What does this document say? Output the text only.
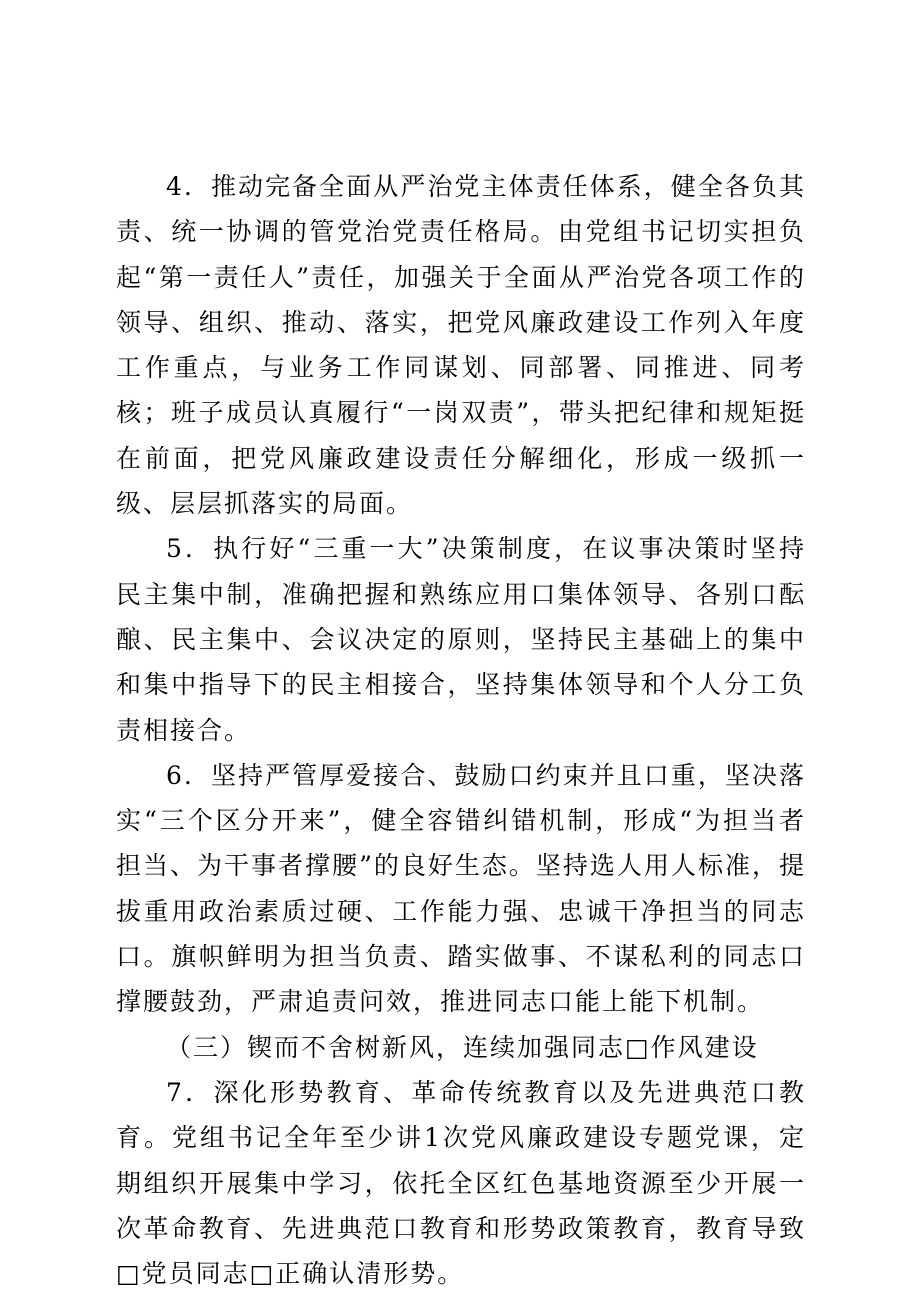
4．推动完备全面从严治党主体责任体系，健全各负其责、统一协调的管党治党责任格局。由党组书记切实担负起“第一责任人”责任，加强关于全面从严治党各项工作的领导、组织、推动、落实，把党风廉政建设工作列入年度工作重点，与业务工作同谋划、同部署、同推进、同考核；班子成员认真履行“一岗双责”，带头把纪律和规矩挺在前面，把党风廉政建设责任分解细化，形成一级抓一级、层层抓落实的局面。

5．执行好“三重一大”决策制度，在议事决策时坚持民主集中制，准确把握和熟练应用口集体领导、各别口酝酿、民主集中、会议决定的原则，坚持民主基础上的集中和集中指导下的民主相接合，坚持集体领导和个人分工负责相接合。

6．坚持严管厚爱接合、鼓励口约束并且口重，坚决落实“三个区分开来”，健全容错纠错机制，形成“为担当者担当、为干事者撑腰”的良好生态。坚持选人用人标准，提拔重用政治素质过硬、工作能力强、忠诚干净担当的同志口。旗帜鲜明为担当负责、踏实做事、不谋私利的同志口撑腰鼓劲，严肃追责问效，推进同志口能上能下机制。

（三）锲而不舍树新风，连续加强同志□作风建设

7．深化形势教育、革命传统教育以及先进典范口教育。党组书记全年至少讲1次党风廉政建设专题党课，定期组织开展集中学习，依托全区红色基地资源至少开展一次革命教育、先进典范口教育和形势政策教育，教育导致□党员同志□正确认清形势。
